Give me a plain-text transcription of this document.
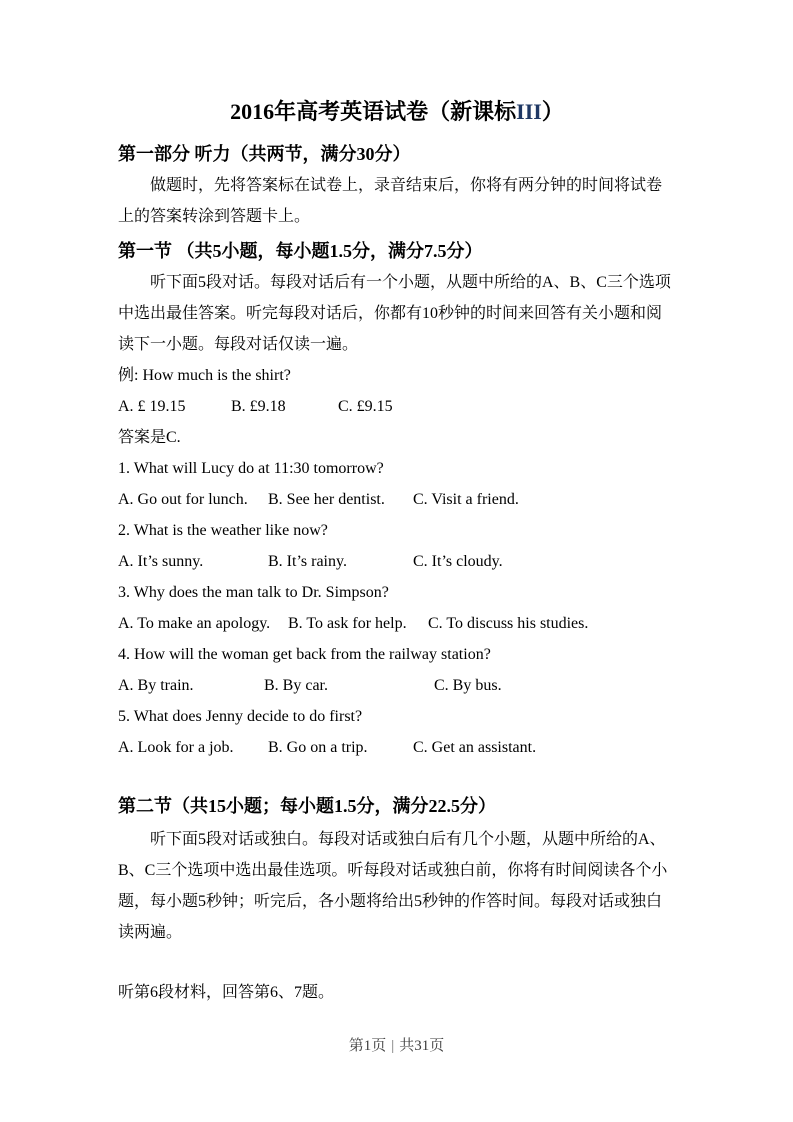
2016年高考英语试卷（新课标III）
第一部分 听力（共两节，满分30分）
做题时，先将答案标在试卷上，录音结束后，你将有两分钟的时间将试卷
上的答案转涂到答题卡上。
第一节 （共5小题，每小题1.5分，满分7.5分）
听下面5段对话。每段对话后有一个小题，从题中所给的A、B、C三个选项
中选出最佳答案。听完每段对话后，你都有10秒钟的时间来回答有关小题和阅
读下一小题。每段对话仅读一遍。
例: How much is the shirt?
A. £ 19.15	B. £9.18	C. £9.15
答案是C.
1. What will Lucy do at 11:30 tomorrow?
A. Go out for lunch.	B. See her dentist.	C. Visit a friend.
2. What is the weather like now?
A. It’s sunny.	B. It’s rainy.	C. It’s cloudy.
3. Why does the man talk to Dr. Simpson?
A. To make an apology.	B. To ask for help.	C. To discuss his studies.
4. How will the woman get back from the railway station?
A. By train.	B. By car.	C. By bus.
5. What does Jenny decide to do first?
A. Look for a job.	B. Go on a trip.	C. Get an assistant.
第二节（共15小题；每小题1.5分，满分22.5分）
听下面5段对话或独白。每段对话或独白后有几个小题，从题中所给的A、
B、C三个选项中选出最佳选项。听每段对话或独白前，你将有时间阅读各个小
题，每小题5秒钟；听完后，各小题将给出5秒钟的作答时间。每段对话或独白
读两遍。
听第6段材料，回答第6、7题。
第1页 | 共31页
